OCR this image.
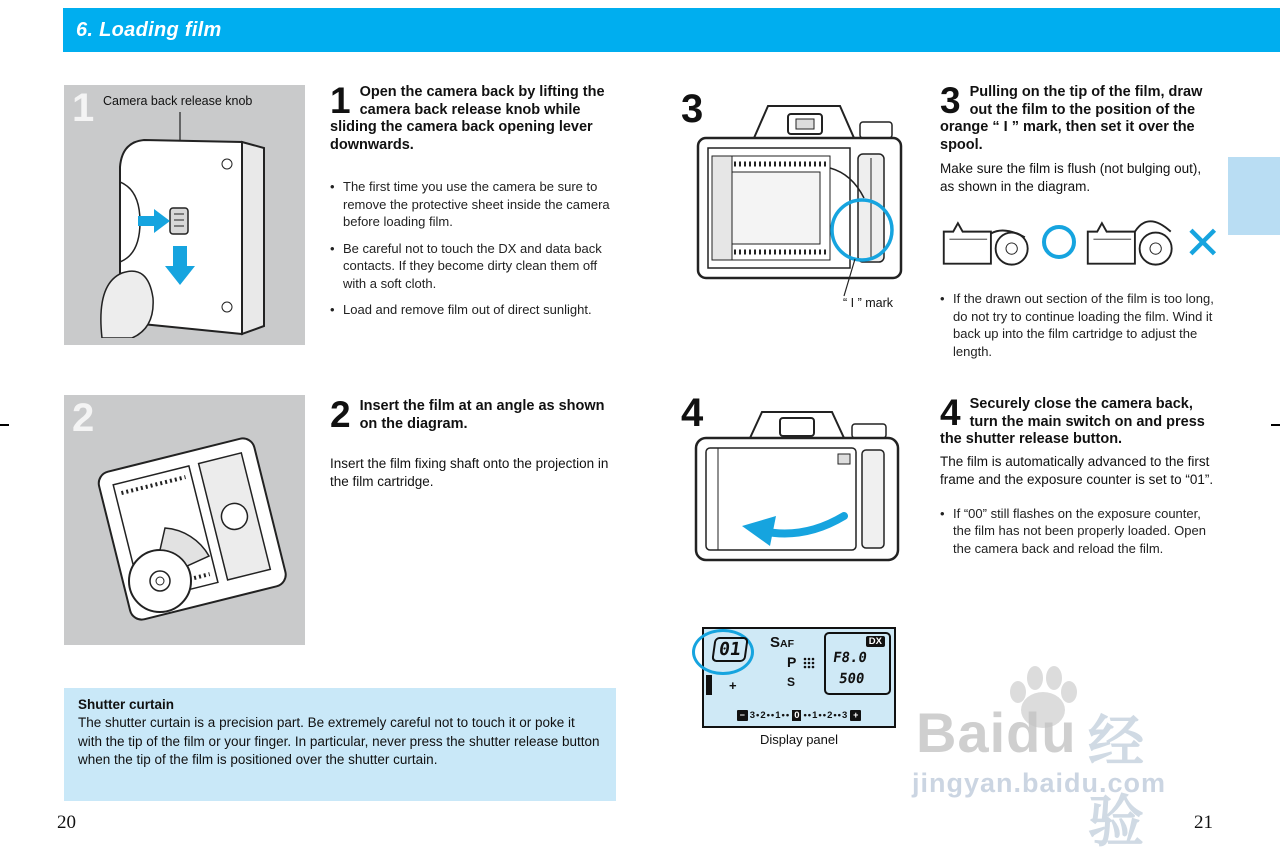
6. Loading film
1 Camera back release knob 1 Open the camera back by lifting the camera back release knob while sliding the camera back opening lever downwards.
• The first time you use the camera be sure to remove the protective sheet inside the camera before loading film.
• Be careful not to touch the DX and data back contacts. If they become dirty clean them off with a soft cloth.
• Load and remove film out of direct sunlight.
2	2 Insert the film at an angle as shown on the diagram.
Insert the film fixing shaft onto the projection in the film cartridge.
Shutter curtain
The shutter curtain is a precision part. Be extremely careful not to touch it or poke it with the tip of the film or your finger. In particular, never press the shutter release button when the tip of the film is positioned over the shutter curtain.
20
3
“ I ” mark
3 Pulling on the tip of the film, draw out the film to the position of the orange “ I ” mark, then set it over the spool.
Make sure the film is flush (not bulging out), as shown in the diagram.
• If the drawn out section of the film is too long, do not try to continue loading the film. Wind it back up into the film cartridge to adjust the length.
4	4 Securely close the camera back, turn the main switch on and press the shutter release button.
The film is automatically advanced to the first frame and the exposure counter is set to “01”.
• If “00” still flashes on the exposure counter, the film has not been properly loaded. Open the camera back and reload the film.
01
+
SAF
P
S
DX
F8.0
500
− 3•2••1•• 0 ••1••2••3 +
Display panel	Baidu 经验
jingyan.baidu.com
21
